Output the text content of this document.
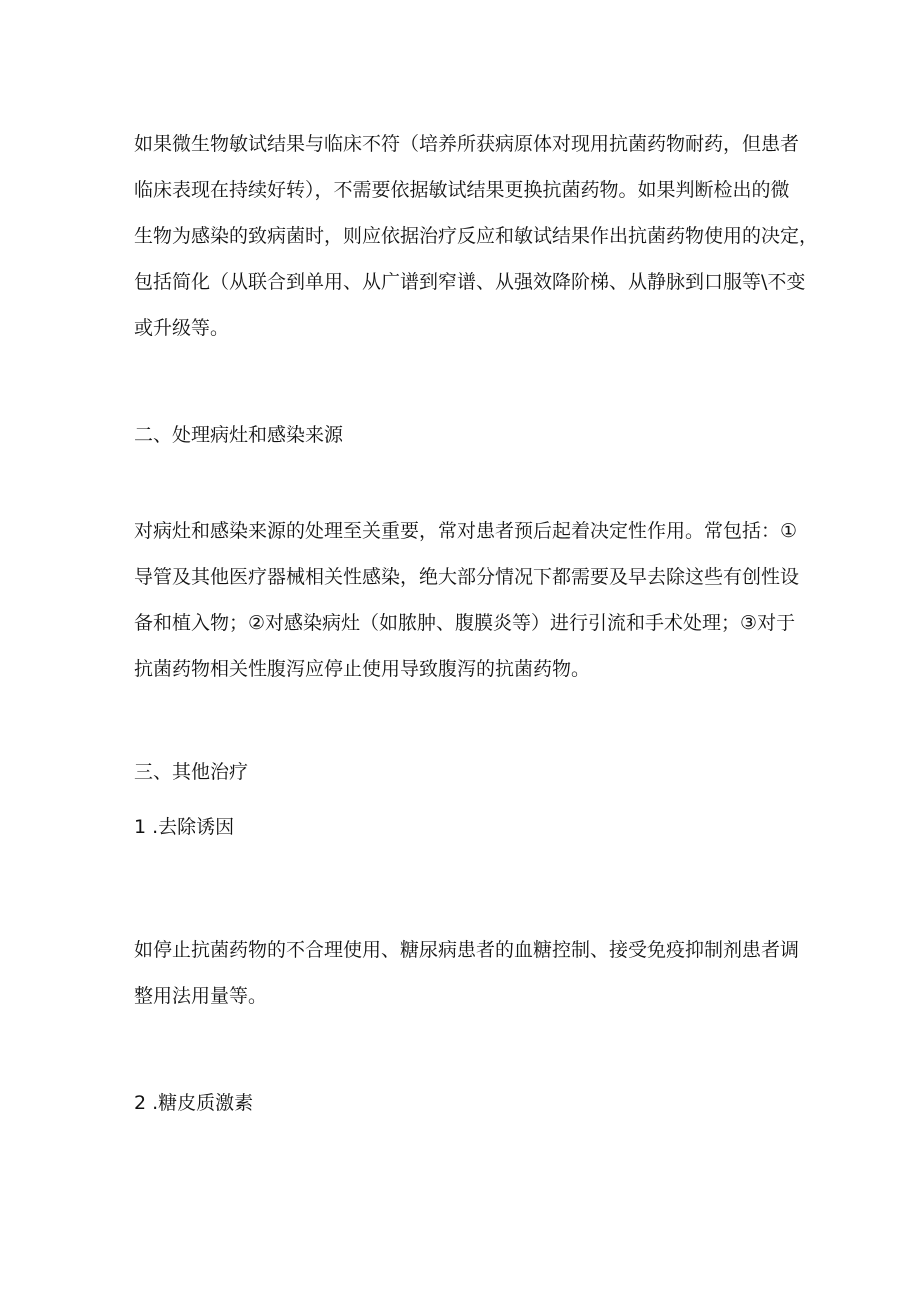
如果微生物敏试结果与临床不符（培养所获病原体对现用抗菌药物耐药，但患者
临床表现在持续好转），不需要依据敏试结果更换抗菌药物。如果判断检出的微
生物为感染的致病菌时，则应依据治疗反应和敏试结果作出抗菌药物使用的决定，
包括简化（从联合到单用、从广谱到窄谱、从强效降阶梯、从静脉到口服等\不变
或升级等。
二、处理病灶和感染来源
对病灶和感染来源的处理至关重要，常对患者预后起着决定性作用。常包括：①
导管及其他医疗器械相关性感染，绝大部分情况下都需要及早去除这些有创性设
备和植入物；②对感染病灶（如脓肿、腹膜炎等）进行引流和手术处理；③对于
抗菌药物相关性腹泻应停止使用导致腹泻的抗菌药物。
三、其他治疗
1 .去除诱因
如停止抗菌药物的不合理使用、糖尿病患者的血糖控制、接受免疫抑制剂患者调
整用法用量等。
2 .糖皮质激素
